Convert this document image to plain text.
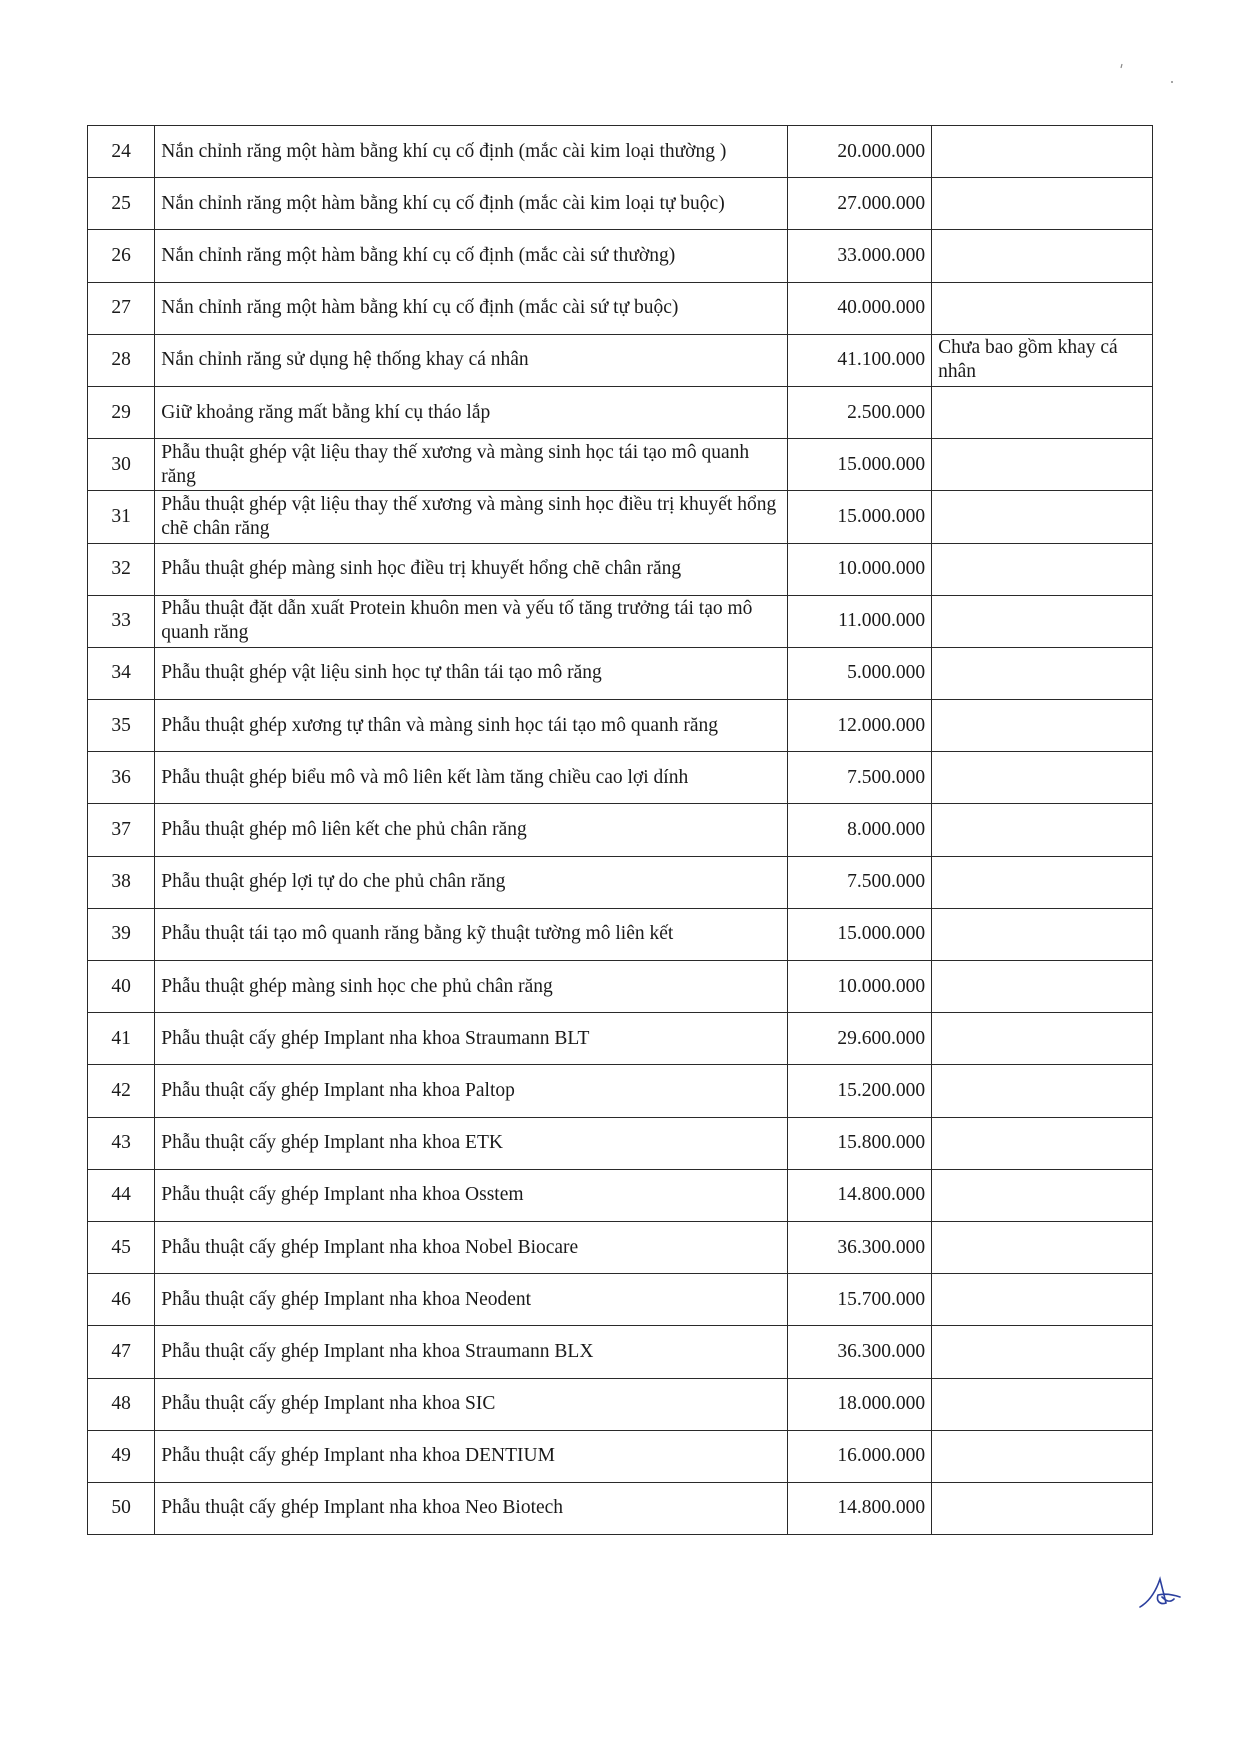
24	Nắn chỉnh răng một hàm bằng khí cụ cố định (mắc cài kim loại thường )	20.000.000	
25	Nắn chỉnh răng một hàm bằng khí cụ cố định (mắc cài kim loại tự buộc)	27.000.000	
26	Nắn chỉnh răng một hàm bằng khí cụ cố định (mắc cài sứ thường)	33.000.000	
27	Nắn chỉnh răng một hàm bằng khí cụ cố định (mắc cài sứ tự buộc)	40.000.000	
28	Nắn chỉnh răng sử dụng hệ thống khay cá nhân	41.100.000	Chưa bao gồm khay cá nhân
29	Giữ khoảng răng mất bằng khí cụ tháo lắp	2.500.000	
30	Phẫu thuật ghép vật liệu thay thế xương và màng sinh học tái tạo mô quanh răng	15.000.000	
31	Phẫu thuật ghép vật liệu thay thế xương và màng sinh học điều trị khuyết hổng chẽ chân răng	15.000.000	
32	Phẫu thuật ghép màng sinh học điều trị khuyết hổng chẽ chân răng	10.000.000	
33	Phẫu thuật đặt dẫn xuất Protein khuôn men và yếu tố tăng trưởng tái tạo mô quanh răng	11.000.000	
34	Phẫu thuật ghép vật liệu sinh học tự thân tái tạo mô răng	5.000.000	
35	Phẫu thuật ghép xương tự thân và màng sinh học tái tạo mô quanh răng	12.000.000	
36	Phẫu thuật ghép biểu mô và mô liên kết làm tăng chiều cao lợi dính	7.500.000	
37	Phẫu thuật ghép mô liên kết che phủ chân răng	8.000.000	
38	Phẫu thuật ghép lợi tự do che phủ chân răng	7.500.000	
39	Phẫu thuật tái tạo mô quanh răng bằng kỹ thuật tường mô liên kết	15.000.000	
40	Phẫu thuật ghép màng sinh học che phủ chân răng	10.000.000	
41	Phẫu thuật cấy ghép Implant nha khoa Straumann BLT	29.600.000	
42	Phẫu thuật cấy ghép Implant nha khoa Paltop	15.200.000	
43	Phẫu thuật cấy ghép Implant nha khoa ETK	15.800.000	
44	Phẫu thuật cấy ghép Implant nha khoa Osstem	14.800.000	
45	Phẫu thuật cấy ghép Implant nha khoa Nobel Biocare	36.300.000	
46	Phẫu thuật cấy ghép Implant nha khoa Neodent	15.700.000	
47	Phẫu thuật cấy ghép Implant nha khoa Straumann BLX	36.300.000	
48	Phẫu thuật cấy ghép Implant nha khoa SIC	18.000.000	
49	Phẫu thuật cấy ghép Implant nha khoa DENTIUM	16.000.000	
50	Phẫu thuật cấy ghép Implant nha khoa Neo Biotech	14.800.000	
